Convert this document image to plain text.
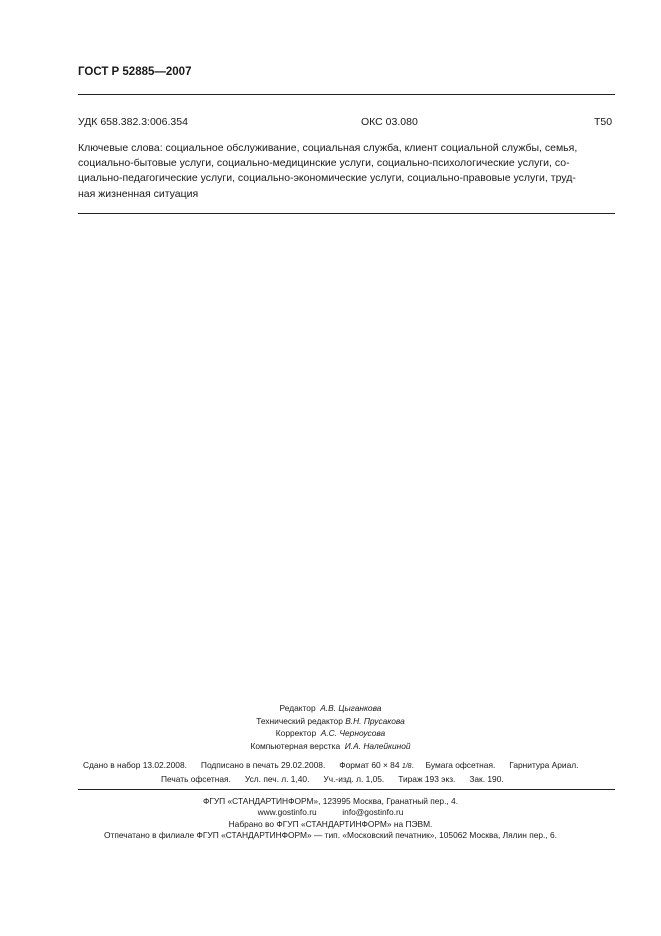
ГОСТ Р 52885—2007
УДК 658.382.3:006.354	ОКС 03.080	Т50
Ключевые слова: социальное обслуживание, социальная служба, клиент социальной службы, семья,
социально-бытовые услуги, социально-медицинские услуги, социально-психологические услуги, со-
циально-педагогические услуги, социально-экономические услуги, социально-правовые услуги, труд-
ная жизненная ситуация
Редактор А.В. Цыганкова
Технический редактор В.Н. Прусакова
Корректор А.С. Черноусова
Компьютерная верстка И.А. Налейкиной
Сдано в набор 13.02.2008. Подписано в печать 29.02.2008. Формат 60 × 84 1/8.     Бумага офсетная. Гарнитура Ариал.
Печать офсетная. Усл. печ. л. 1,40. Уч.-изд. л. 1,05. Тираж 193 экз. Зак. 190.
ФГУП «СТАНДАРТИНФОРМ», 123995 Москва, Гранатный пер., 4.
www.gostinfo.ru	info@gostinfo.ru
Набрано во ФГУП «СТАНДАРТИНФОРМ» на ПЭВМ.
Отпечатано в филиале ФГУП «СТАНДАРТИНФОРМ» — тип. «Московский печатник», 105062 Москва, Лялин пер., 6.
